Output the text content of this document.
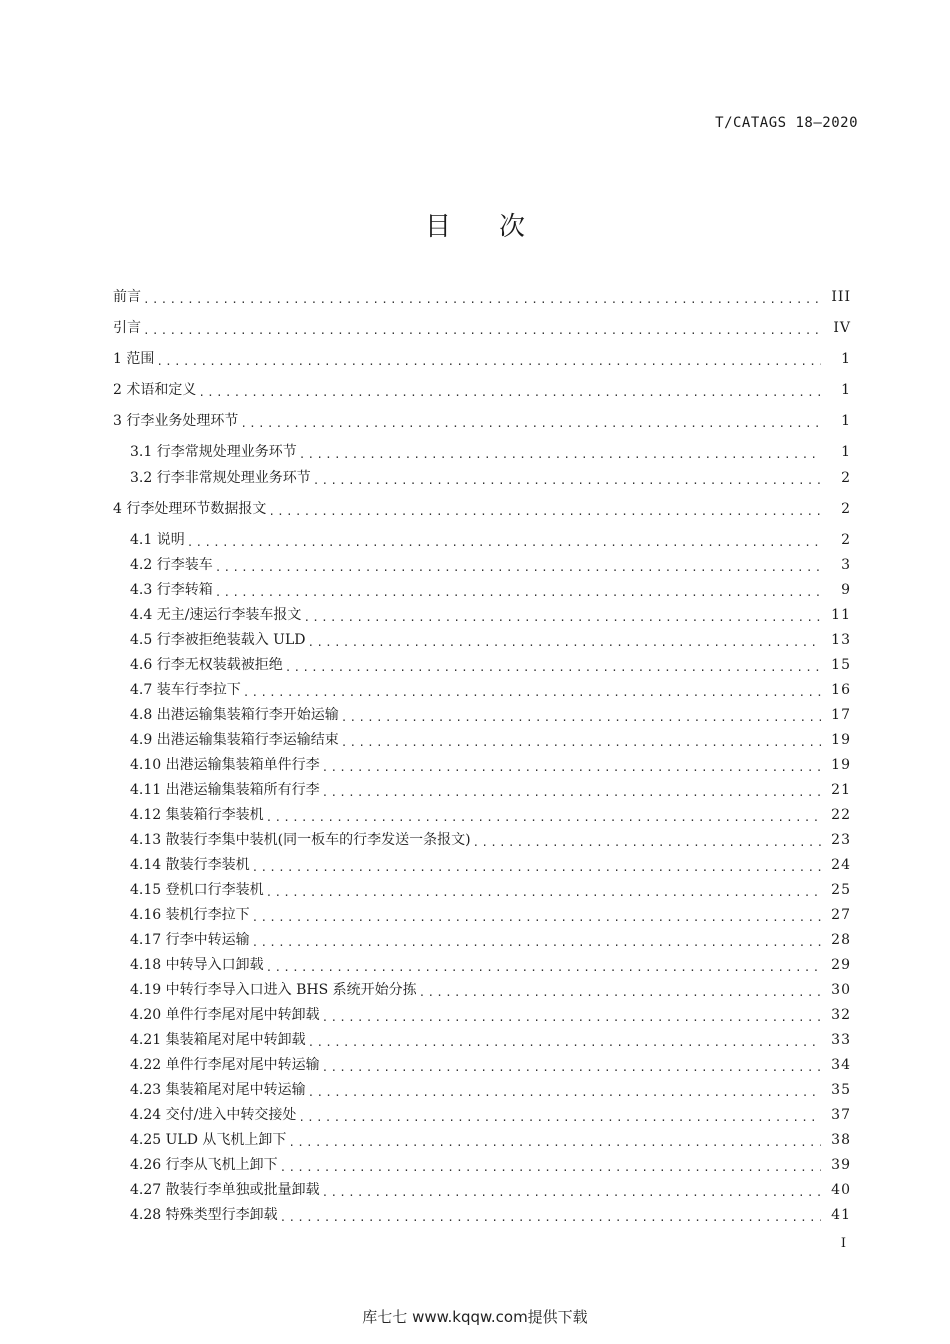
T/CATAGS 18—2020
目次
前言 .....	III
引言 .....	IV
1 范围 .....	1
2 术语和定义 .....	1
3 行李业务处理环节 .....	1
3.1 行李常规处理业务环节 .....	1
3.2 行李非常规处理业务环节 .....	2
4 行李处理环节数据报文 .....	2
4.1 说明 .....	2
4.2 行李装车 .....	3
4.3 行李转箱 .....	9
4.4 无主/速运行李装车报文 .....	11
4.5 行李被拒绝装载入 ULD .....	13
4.6 行李无权装载被拒绝 .....	15
4.7 装车行李拉下 .....	16
4.8 出港运输集装箱行李开始运输 .....	17
4.9 出港运输集装箱行李运输结束 .....	19
4.10 出港运输集装箱单件行李 .....	19
4.11 出港运输集装箱所有行李 .....	21
4.12 集装箱行李装机 .....	22
4.13 散装行李集中装机(同一板车的行李发送一条报文) .....	23
4.14 散装行李装机 .....	24
4.15 登机口行李装机 .....	25
4.16 装机行李拉下 .....	27
4.17 行李中转运输 .....	28
4.18 中转导入口卸载 .....	29
4.19 中转行李导入口进入 BHS 系统开始分拣 .....	30
4.20 单件行李尾对尾中转卸载 .....	32
4.21 集装箱尾对尾中转卸载 .....	33
4.22 单件行李尾对尾中转运输 .....	34
4.23 集装箱尾对尾中转运输 .....	35
4.24 交付/进入中转交接处 .....	37
4.25 ULD 从飞机上卸下 .....	38
4.26 行李从飞机上卸下 .....	39
4.27 散装行李单独或批量卸载 .....	40
4.28 特殊类型行李卸载 .....	41
I
库七七 www.kqqw.com提供下载
